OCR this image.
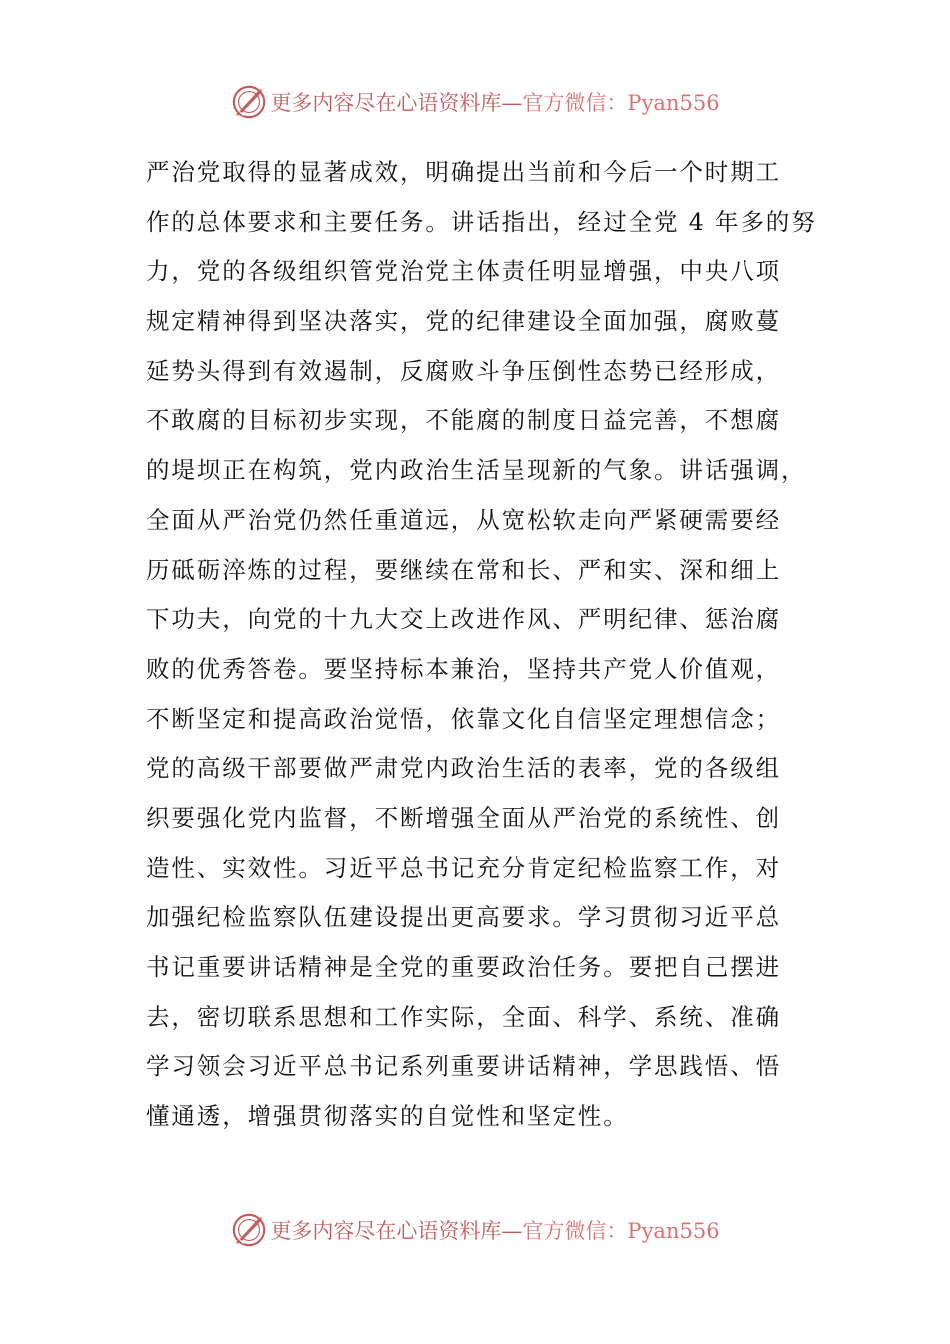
更多内容尽在心语资料库—官方微信：Pyan556
严治党取得的显著成效，明确提出当前和今后一个时期工
作的总体要求和主要任务。讲话指出，经过全党 4 年多的努
力，党的各级组织管党治党主体责任明显增强，中央八项
规定精神得到坚决落实，党的纪律建设全面加强，腐败蔓
延势头得到有效遏制，反腐败斗争压倒性态势已经形成，
不敢腐的目标初步实现，不能腐的制度日益完善，不想腐
的堤坝正在构筑，党内政治生活呈现新的气象。讲话强调，
全面从严治党仍然任重道远，从宽松软走向严紧硬需要经
历砥砺淬炼的过程，要继续在常和长、严和实、深和细上
下功夫，向党的十九大交上改进作风、严明纪律、惩治腐
败的优秀答卷。要坚持标本兼治，坚持共产党人价值观，
不断坚定和提高政治觉悟，依靠文化自信坚定理想信念；
党的高级干部要做严肃党内政治生活的表率，党的各级组
织要强化党内监督，不断增强全面从严治党的系统性、创
造性、实效性。习近平总书记充分肯定纪检监察工作，对
加强纪检监察队伍建设提出更高要求。学习贯彻习近平总
书记重要讲话精神是全党的重要政治任务。要把自己摆进
去，密切联系思想和工作实际，全面、科学、系统、准确
学习领会习近平总书记系列重要讲话精神，学思践悟、悟
懂通透，增强贯彻落实的自觉性和坚定性。
更多内容尽在心语资料库—官方微信：Pyan556
